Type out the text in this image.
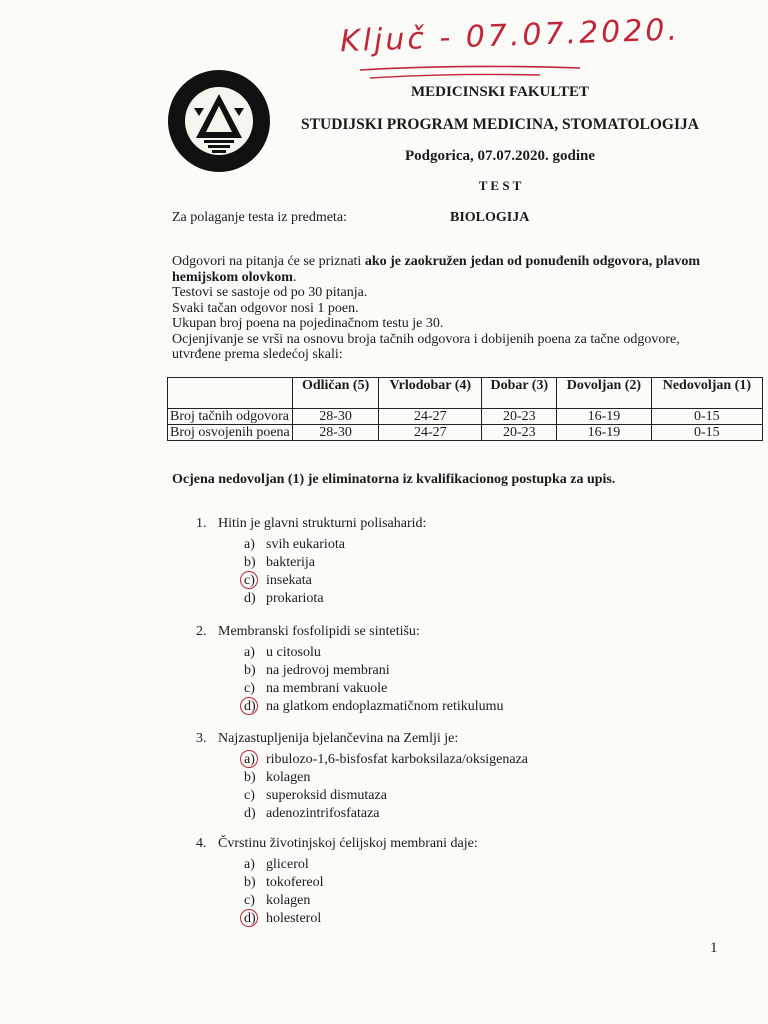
Ključ - 07.07.2020.
MEDICINSKI FAKULTET
STUDIJSKI PROGRAM MEDICINA, STOMATOLOGIJA
Podgorica, 07.07.2020. godine
T E S T
Za polaganje testa iz predmeta:	BIOLOGIJA

Odgovori na pitanja će se priznati ako je zaokružen jedan od ponuđenih odgovora, plavom hemijskom olovkom.

Testovi se sastoje od po 30 pitanja.

Svaki tačan odgovor nosi 1 poen.

Ukupan broj poena na pojedinačnom testu je 30.

Ocjenjivanje se vrši na osnovu broja tačnih odgovora i dobijenih poena za tačne odgovore, utvrđene prema sledećoj skali:

	Odličan (5)	Vrlodobar (4)	Dobar (3)	Dovoljan (2)	Nedovoljan (1)
Broj tačnih odgovora	28-30	24-27	20-23	16-19	0-15
Broj osvojenih poena	28-30	24-27	20-23	16-19	0-15
Ocjena nedovoljan (1) je eliminatorna iz kvalifikacionog postupka za upis.
1. Hitin je glavni strukturni polisaharid:
a) svih eukariota
b) bakterija
c) insekata
d) prokariota
2. Membranski fosfolipidi se sintetišu:
a) u citosolu
b) na jedrovoj membrani
c) na membrani vakuole
d) na glatkom endoplazmatičnom retikulumu
3. Najzastupljenija bjelančevina na Zemlji je:
a) ribulozo-1,6-bisfosfat karboksilaza/oksigenaza
b) kolagen
c) superoksid dismutaza
d) adenozintrifosfataza
4. Čvrstinu životinjskoj ćelijskoj membrani daje:
a) glicerol
b) tokofereol
c) kolagen
d) holesterol
1
